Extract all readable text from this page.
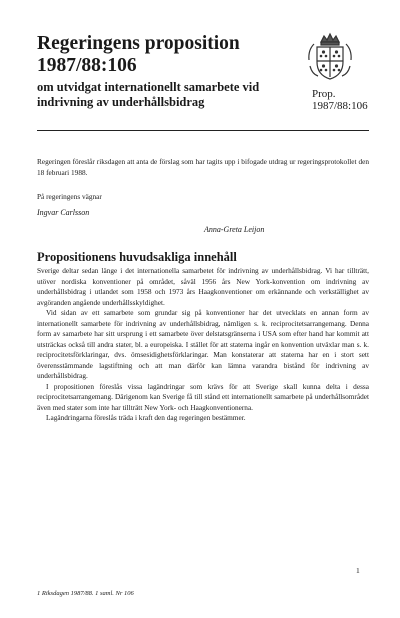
Regeringens proposition
1987/88:106
om utvidgat internationellt samarbete vid
indrivning av underhållsbidrag
Prop.
1987/88:106
Regeringen föreslår riksdagen att anta de förslag som har tagits upp i bifogade utdrag ur regeringsprotokollet den 18 februari 1988.
På regeringens vägnar
Ingvar Carlsson
Anna-Greta Leijon
Propositionens huvudsakliga innehåll

Sverige deltar sedan länge i det internationella samarbetet för indrivning av underhållsbidrag. Vi har tillträtt, utöver nordiska konventioner på området, såväl 1956 års New York-konvention om indrivning av underhållsbidrag i utlandet som 1958 och 1973 års Haagkonventioner om erkännande och verkställighet av avgöranden angående underhållsskyldighet.

Vid sidan av ett samarbete som grundar sig på konventioner har det utvecklats en annan form av internationellt samarbete för indrivning av underhållsbidrag, nämligen s. k. reciprocitetsarrangemang. Denna form av samarbete har sitt ursprung i ett samarbete över delstatsgränserna i USA som efter hand har kommit att utsträckas också till andra stater, bl. a europeiska. I stället för att staterna ingår en konvention utväxlar man s. k. reciprocitetsförklaringar, dvs. ömsesidighetsförklaringar. Man konstaterar att staterna har en i stort sett överensstämmande lagstiftning och att man därför kan lämna varandra bistånd för indrivning av underhållsbidrag.

I propositionen föreslås vissa lagändringar som krävs för att Sverige skall kunna delta i dessa reciprocitetsarrangemang. Därigenom kan Sverige få till stånd ett internationellt samarbete på underhållsområdet även med stater som inte har tillträtt New York- och Haagkonventionerna.

Lagändringarna föreslås träda i kraft den dag regeringen bestämmer.

1
1 Riksdagen 1987/88. 1 saml. Nr 106
